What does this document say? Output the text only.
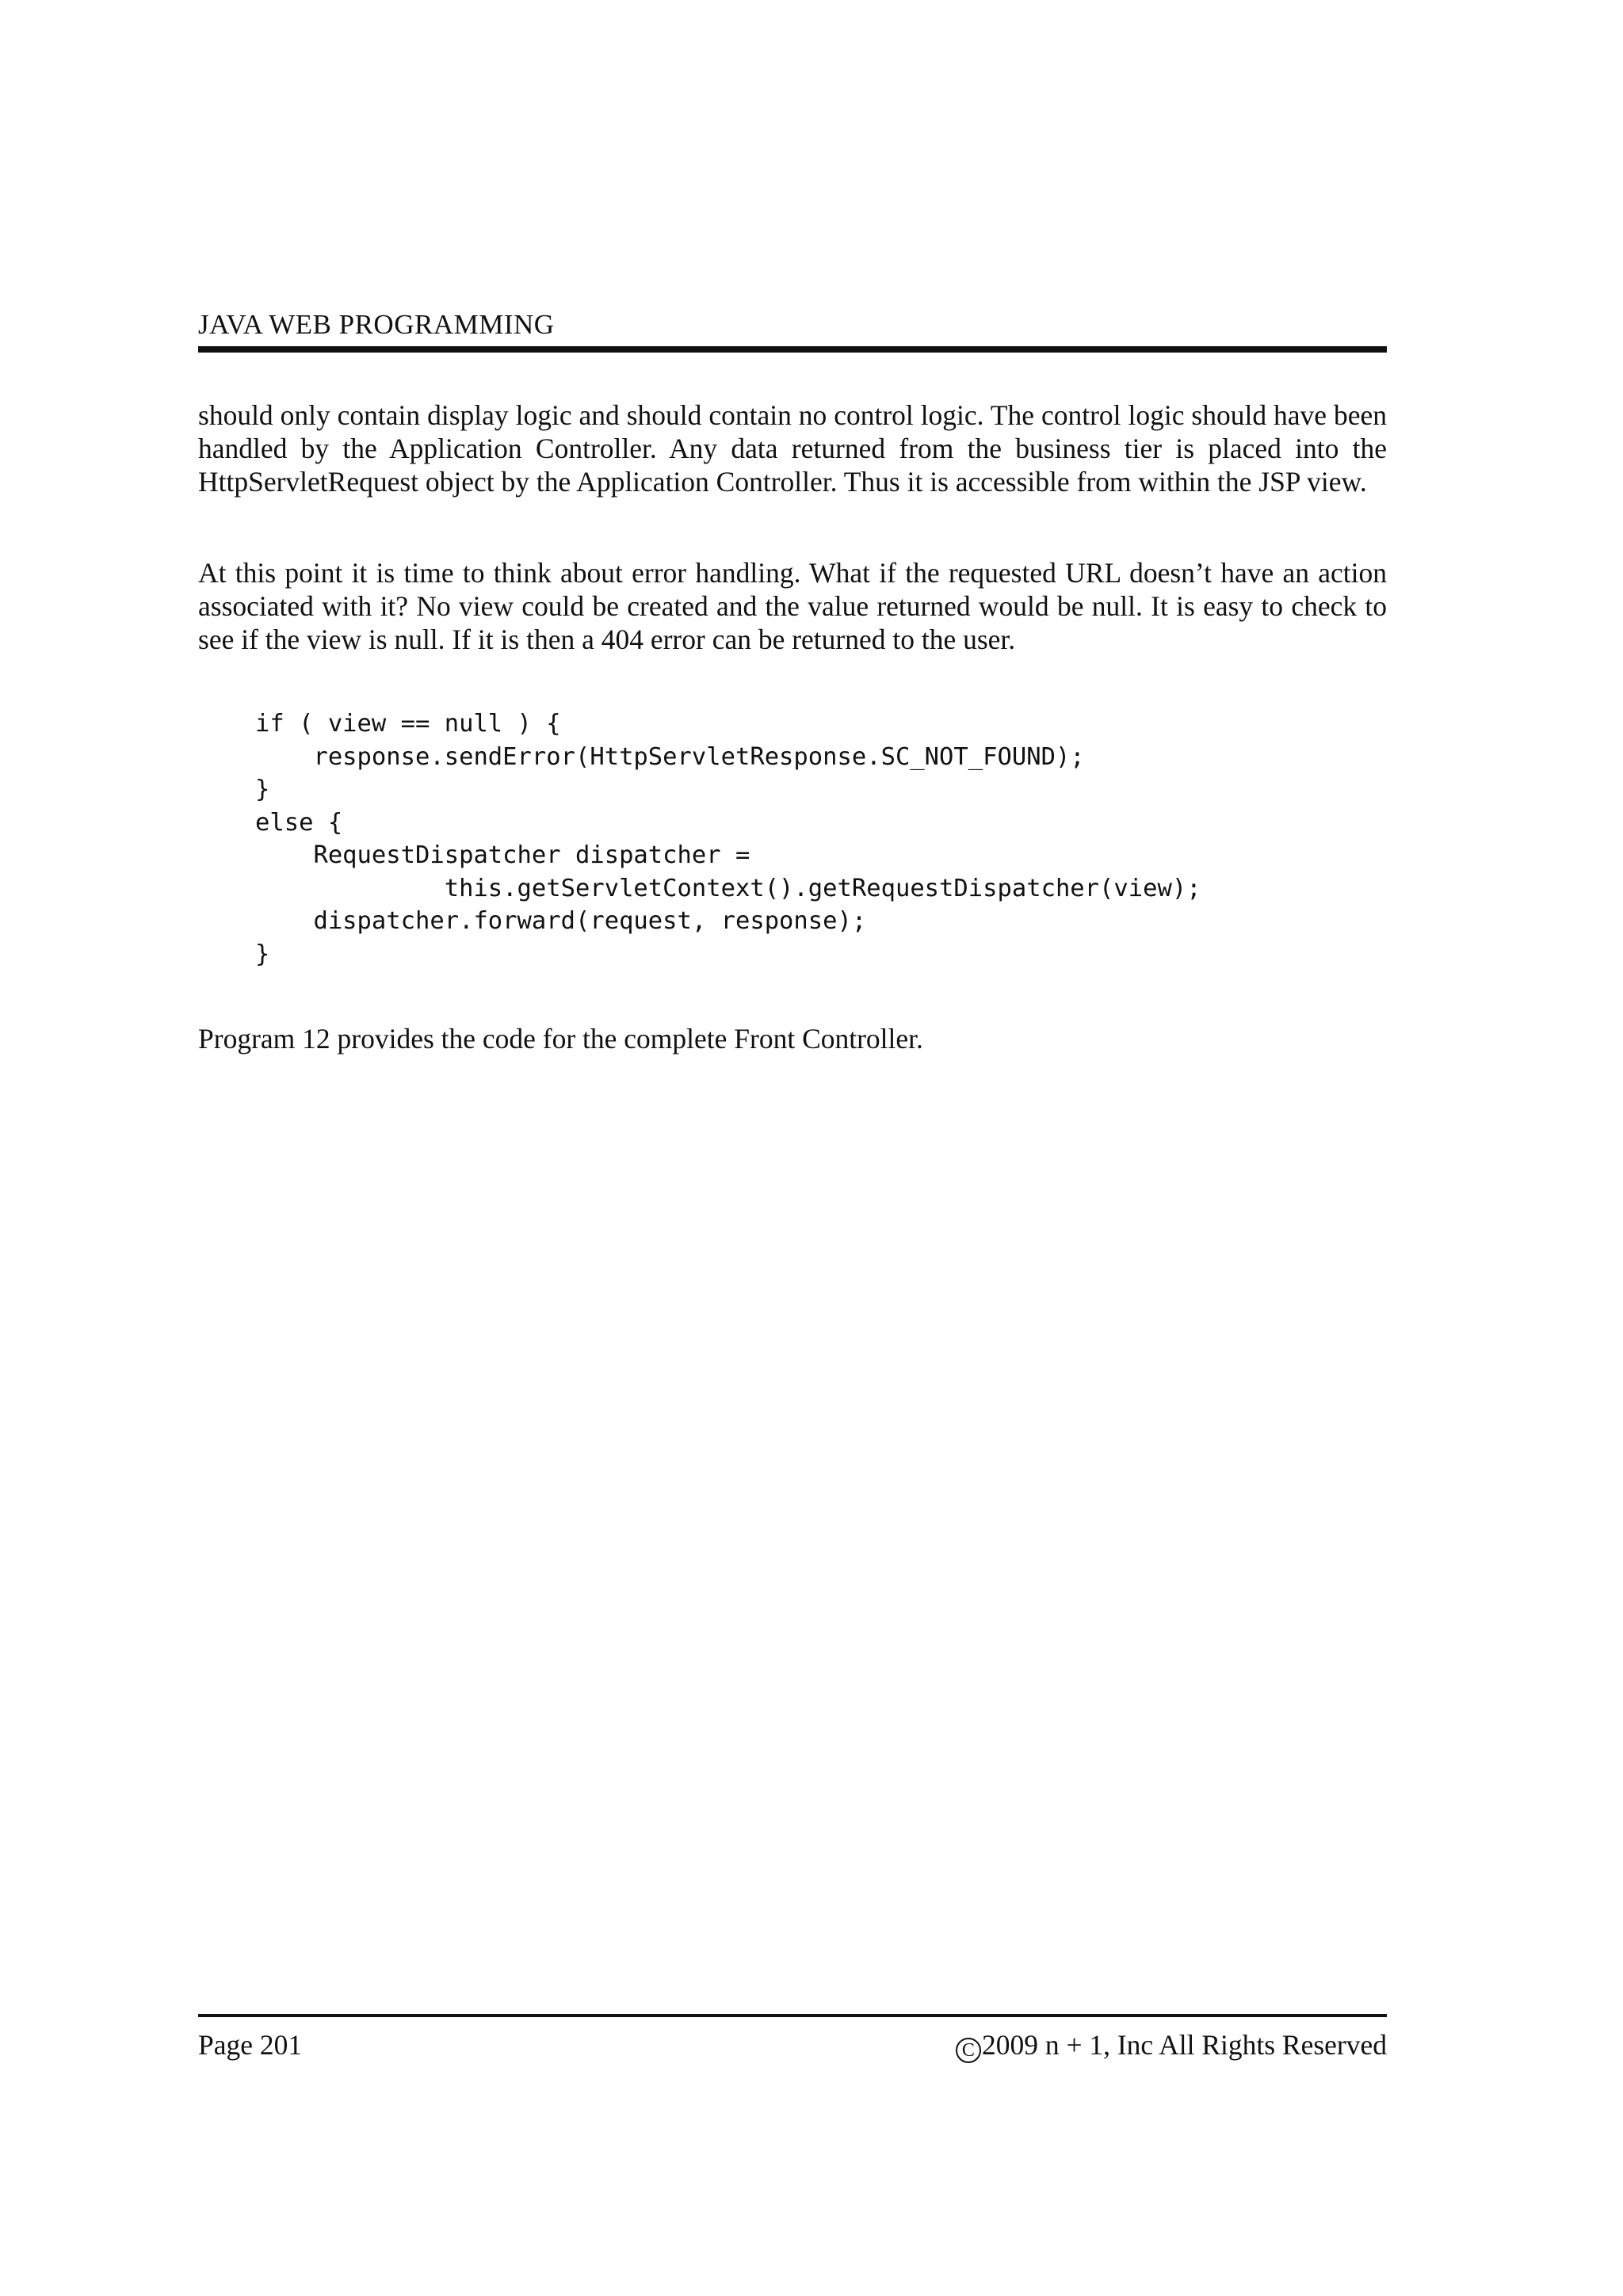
JAVA WEB PROGRAMMING

should only contain display logic and should contain no control logic. The control logic should have been handled by the Application Controller. Any data returned from the business tier is placed into the HttpServletRequest object by the Application Controller. Thus it is accessible from within the JSP view.

At this point it is time to think about error handling. What if the requested URL doesn’t have an action associated with it? No view could be created and the value returned would be null. It is easy to check to see if the view is null. If it is then a 404 error can be returned to the user.

if ( view == null ) {
response.sendError(HttpServletResponse.SC_NOT_FOUND);
}
else {
RequestDispatcher dispatcher =
this.getServletContext().getRequestDispatcher(view);
dispatcher.forward(request, response);
}

Program 12 provides the code for the complete Front Controller.

Page 201	C 2009 n + 1, Inc All Rights Reserved
